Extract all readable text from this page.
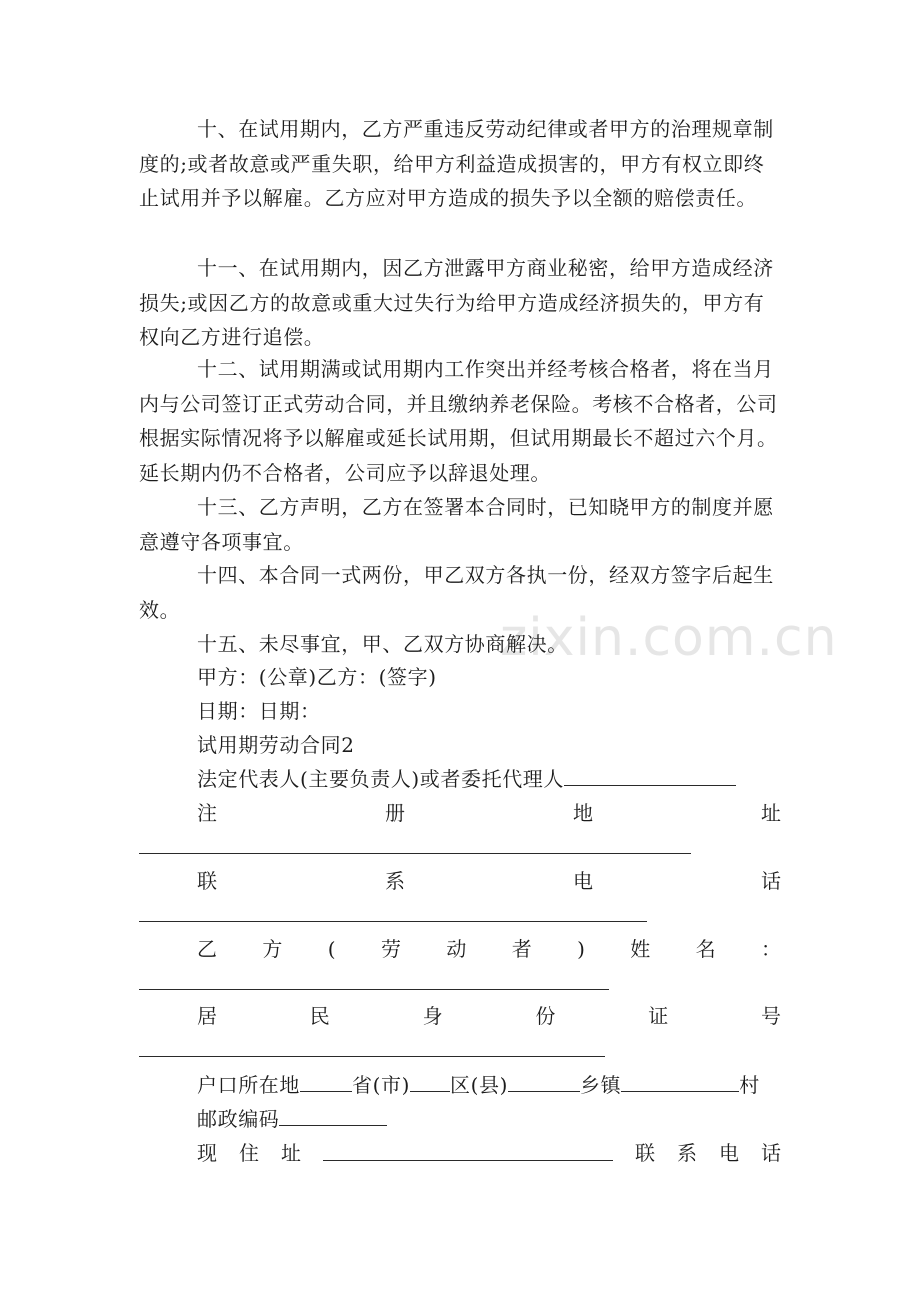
zixin.com.cn

十、在试用期内，乙方严重违反劳动纪律或者甲方的治理规章制度的;或者故意或严重失职，给甲方利益造成损害的，甲方有权立即终止试用并予以解雇。乙方应对甲方造成的损失予以全额的赔偿责任。

十一、在试用期内，因乙方泄露甲方商业秘密，给甲方造成经济损失;或因乙方的故意或重大过失行为给甲方造成经济损失的，甲方有权向乙方进行追偿。

十二、试用期满或试用期内工作突出并经考核合格者，将在当月内与公司签订正式劳动合同，并且缴纳养老保险。考核不合格者，公司根据实际情况将予以解雇或延长试用期，但试用期最长不超过六个月。延长期内仍不合格者，公司应予以辞退处理。

十三、乙方声明，乙方在签署本合同时，已知晓甲方的制度并愿意遵守各项事宜。

十四、本合同一式两份，甲乙双方各执一份，经双方签字后起生效。

十五、未尽事宜，甲、乙双方协商解决。
甲方：(公章)乙方：(签字)
日期：日期：
试用期劳动合同2
法定代表人(主要负责人)或者委托代理人
注	册	地	址
联	系	电	话
乙 方 ( 劳 动 者 ) 姓 名 ：
居	民	身	份	证	号
户口所在地	省(市) 区(县)	乡镇	村
邮政编码
现 住 址	联 系 电 话
